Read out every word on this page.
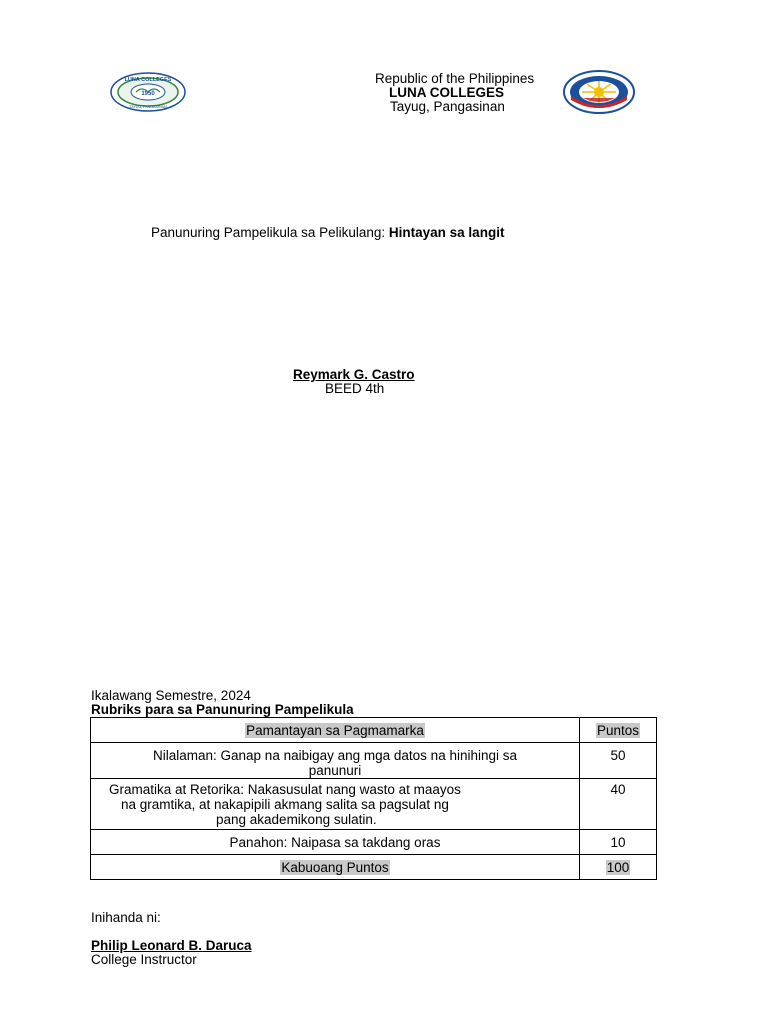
LUNA COLLEGES
1950
TAYUG, PANGASINAN
Republic of the Philippines
LUNA COLLEGES
Tayug, Pangasinan
Panunuring Pampelikula sa Pelikulang: Hintayan sa langit
Reymark G. Castro
BEED 4th
Ikalawang Semestre, 2024
Rubriks para sa Panunuring Pampelikula
Pamantayan sa Pagmamarka	Puntos

Nilalaman: Ganap na naibigay ang mga datos na hinihingi sa
panunuri	50

Gramatika at Retorika: Nakasusulat nang wasto at maayos
na gramtika, at nakapipili akmang salita sa pagsulat ng
pang akademikong sulatin.	40

Panahon: Naipasa sa takdang oras	10

Kabuoang Puntos	100
Inihanda ni:
Philip Leonard B. Daruca
College Instructor
